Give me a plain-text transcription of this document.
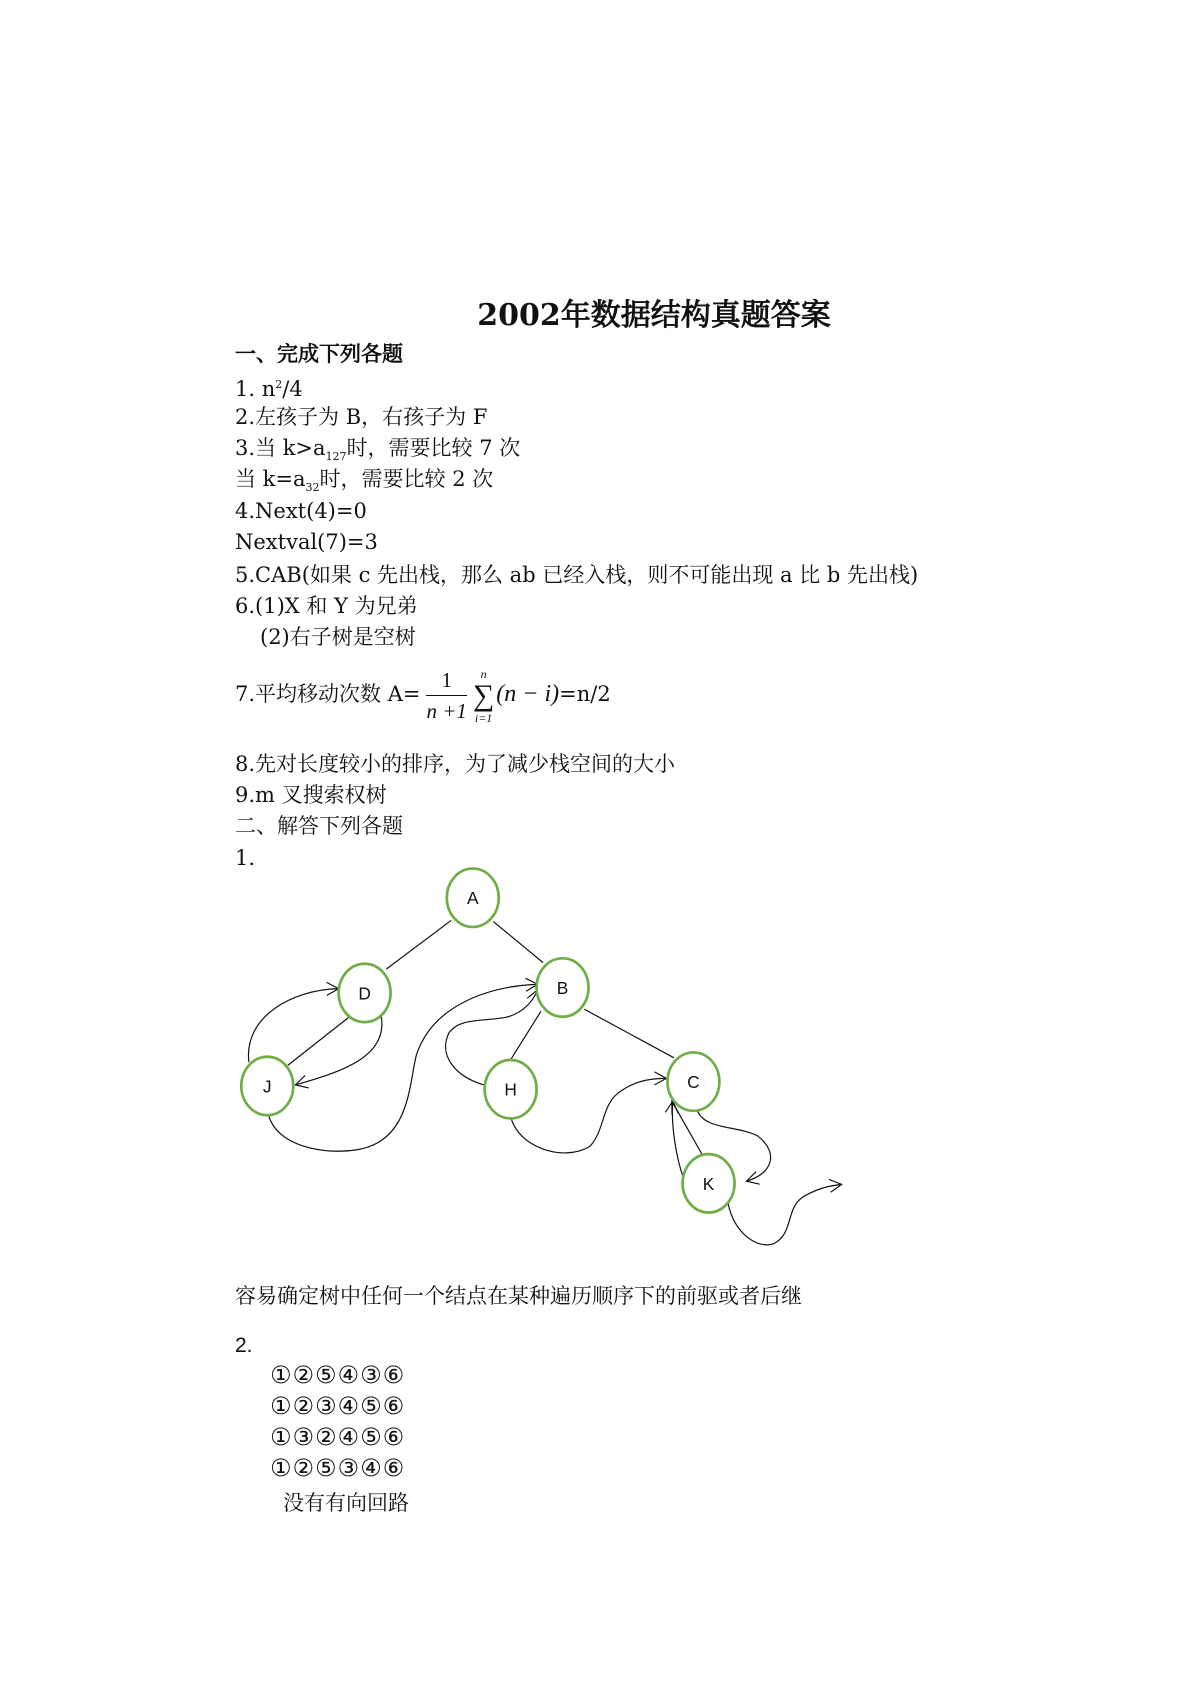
2002年数据结构真题答案
一、完成下列各题
1. $n^2/4$
2.左孩子为 B，右孩子为 F
3.当 $k>a_{127}$时，需要比较 7 次
当 $k=a_{32}$时，需要比较 2 次
4.Next(4)=0
Nextval(7)=3
5.CAB(如果 c 先出栈，那么 ab 已经入栈，则不可能出现 a 比 b 先出栈)
6.(1)X 和 Y 为兄弟
(2)右子树是空树
7.平均移动次数 $A= \frac{1}{n +1}$	n
∑
i=1
(n − i)=n/2
8.先对长度较小的排序，为了减少栈空间的大小
9.m 叉搜索权树
二、解答下列各题
1.
A
D	B
J	H	C
K
容易确定树中任何一个结点在某种遍历顺序下的前驱或者后继
2.
①②⑤④③⑥
①②③④⑤⑥
①③②④⑤⑥
①②⑤③④⑥
没有有向回路
